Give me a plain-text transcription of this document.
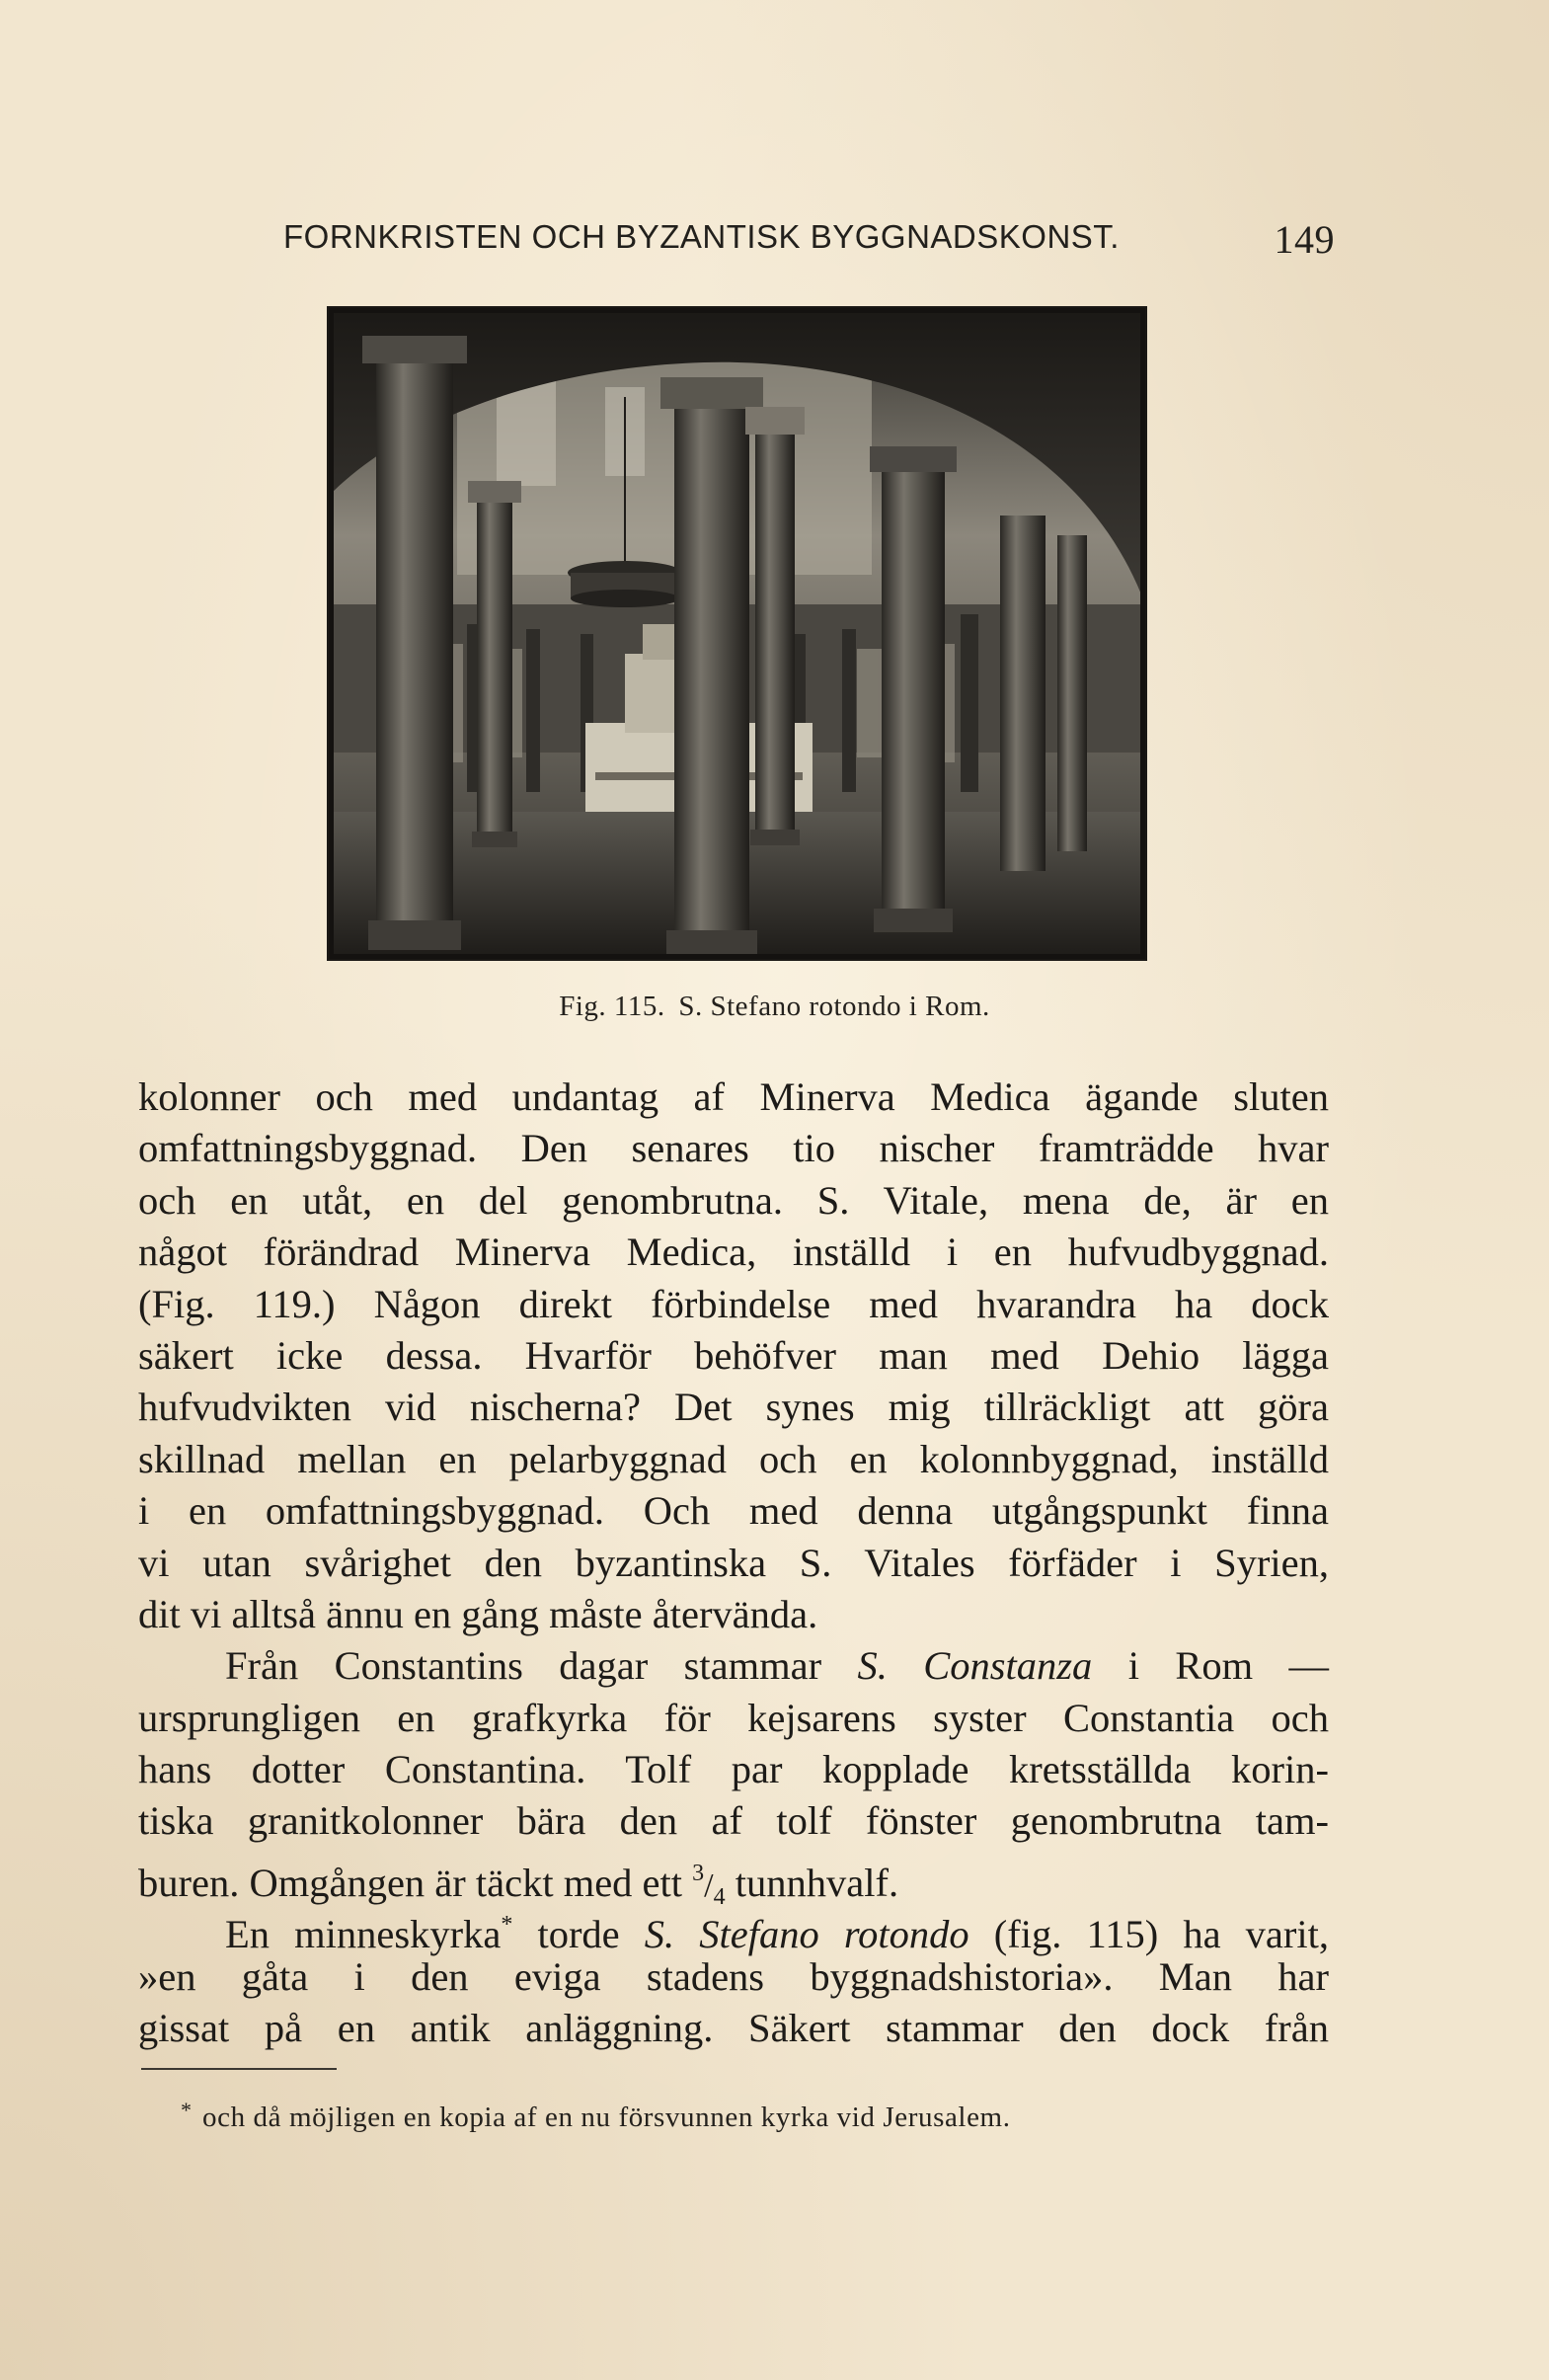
FORNKRISTEN OCH BYZANTISK BYGGNADSKONST.	149
Fig. 115. S. Stefano rotondo i Rom.
kolonner och med undantag af Minerva Medica ägande sluten
omfattningsbyggnad. Den senares tio nischer framträdde hvar
och en utåt, en del genombrutna. S. Vitale, mena de, är en
något förändrad Minerva Medica, inställd i en hufvudbyggnad.
(Fig. 119.) Någon direkt förbindelse med hvarandra ha dock
säkert icke dessa. Hvarför behöfver man med Dehio lägga
hufvudvikten vid nischerna? Det synes mig tillräckligt att göra
skillnad mellan en pelarbyggnad och en kolonnbyggnad, inställd
i en omfattningsbyggnad. Och med denna utgångspunkt finna
vi utan svårighet den byzantinska S. Vitales förfäder i Syrien,
dit vi alltså ännu en gång måste återvända.
Från Constantins dagar stammar S. Constanza i Rom —
ursprungligen en grafkyrka för kejsarens syster Constantia och
hans dotter Constantina. Tolf par kopplade kretsställda korin-
tiska granitkolonner bära den af tolf fönster genombrutna tam-
buren. Omgången är täckt med ett $^3/_4$ tunnhvalf.
En minneskyrka* torde S. Stefano rotondo (fig. 115) ha varit,
»en gåta i den eviga stadens byggnadshistoria». Man har
gissat på en antik anläggning. Säkert stammar den dock från
* och då möjligen en kopia af en nu försvunnen kyrka vid Jerusalem.
